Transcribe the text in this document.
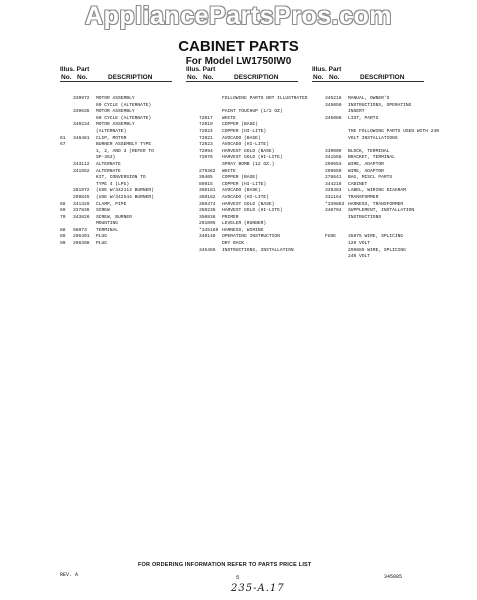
AppliancePartsPros.com
CABINET PARTS
For Model LW1750IW0
Illus. Part
No. No.	DESCRIPTION
339972	MOTOR ASSEMBLY
60 CYCLE (ALTERNATE)
339635	MOTOR ASSEMBLY
60 CYCLE (ALTERNATE)
340234	MOTOR ASSEMBLY
(ALTERNATE)
61	348481	CLIP, MOTOR
67	BURNER ASSEMBLY TYPE
1, 2, AND 3 (REFER TO
SP-363)
343112	ALTERNATE
341552	ALTERNATE
KIT, CONVERSION TO
TYPE 4 (LPG)
281972	(USE W/342113 BURNER)
299845	(USE W/342544 BURNER)
68	341329	CLAMP, PIPE
69	337836	SCREW
70	343826	SCREW, BURNER
MOUNTING
88	98873	TERMINAL
89	296401	PLUG
90	296398	PLUG
Illus. Part
No. No.	DESCRIPTION
FOLLOWING PARTS NOT ILLUSTRATED
PAINT TOUCHUP (1/2 OZ)
72017	WHITE
72019	COPPER (BASE)
72024	COPPER (HI-LITE)
72021	AVOCADO (BASE)
72023	AVOCADO (HI-LITE)
72094	HARVEST GOLD (BASE)
72076	HARVEST GOLD (HI-LITE)
SPRAY BOMB (12 OZ.)
279362	WHITE
39405	COPPER (BASE)
89915	COPPER (HI-LITE)
350181	AVOCADO (BASE)
350182	AVOCADO (HI-LITE)
350374	HARVEST GOLD (BASE)
350235	HARVEST GOLD (HI-LITE)
350836	PRIMER
291005	LEVELER (RUNNER)
*345169 HARNESS, WIRING
340148	OPERATING INSTRUCTION
DRY RACK
345456	INSTRUCTIONS, INSTALLATION
Illus. Part
No. No.	DESCRIPTION
345216	MANUAL, OWNER'S
345050	INSTRUCTIONS, OPERATING
INSERT
345086	LIST, PARTS
THE FOLLOWING PARTS USED WITH 240
VOLT INSTALLATIONS
339009	BLOCK, TERMINAL
341558	BRACKET, TERMINAL
299653	WIRE, ADAPTOR
299659	WIRE, ADAPTOR
278641	BAG, MISCL PARTS
344216	CABINET
339383	LABEL, WIRING DIAGRAM
331164	TRANSFORMER
*339883 HARNESS, TRANSFORMER
340704	SUPPLEMENT, INSTALLATION
INSTRUCTIONS
FUSE	35875 WIRE, SPLICING
120 VOLT
299885 WIRE, SPLICING
240 VOLT
FOR ORDERING INFORMATION REFER TO PARTS PRICE LIST
REV. A	5
235-A.17
345085
